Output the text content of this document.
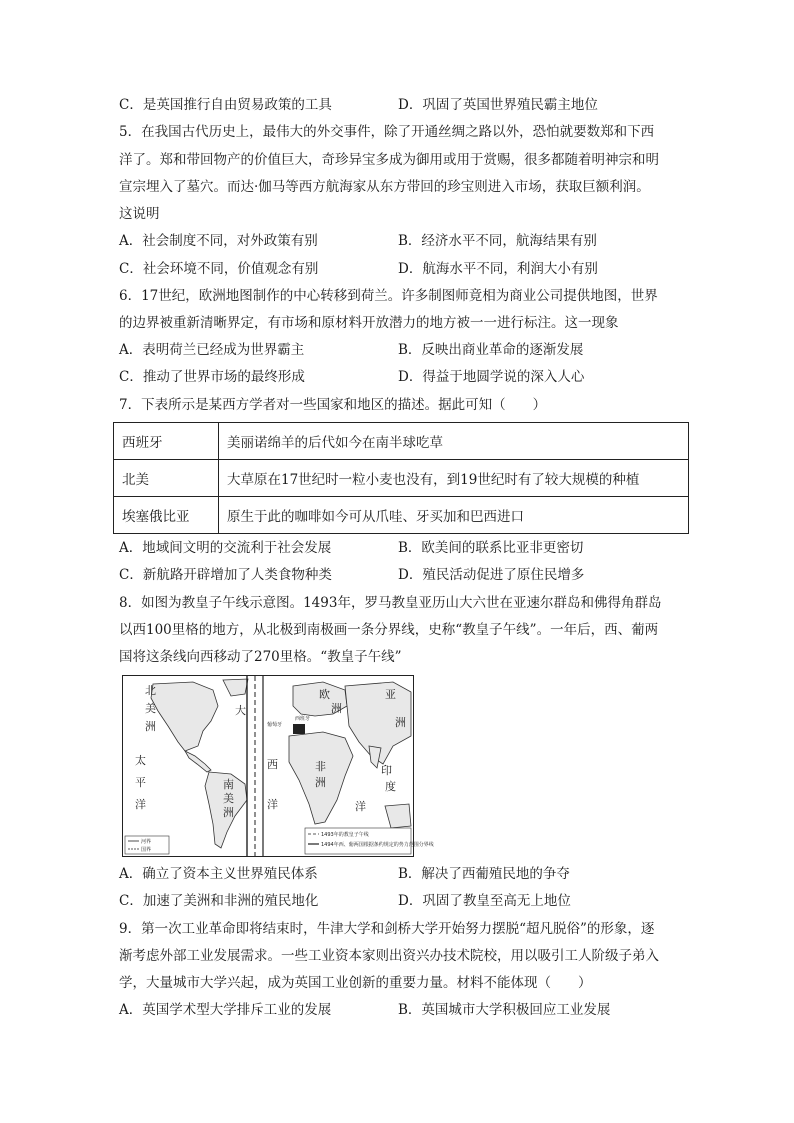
C．是英国推行自由贸易政策的工具	D．巩固了英国世界殖民霸主地位
5．在我国古代历史上，最伟大的外交事件，除了开通丝绸之路以外，恐怕就要数郑和下西
洋了。郑和带回物产的价值巨大，奇珍异宝多成为御用或用于赏赐，很多都随着明神宗和明
宣宗埋入了墓穴。而达·伽马等西方航海家从东方带回的珍宝则进入市场，获取巨额利润。
这说明
A．社会制度不同，对外政策有别	B．经济水平不同，航海结果有别
C．社会环境不同，价值观念有别	D．航海水平不同，利润大小有别
6．17世纪，欧洲地图制作的中心转移到荷兰。许多制图师竟相为商业公司提供地图，世界
的边界被重新清晰界定，有市场和原材料开放潜力的地方被一一进行标注。这一现象
A．表明荷兰已经成为世界霸主	B．反映出商业革命的逐渐发展
C．推动了世界市场的最终形成	D．得益于地圆学说的深入人心
7．下表所示是某西方学者对一些国家和地区的描述。据此可知（　　）
西班牙	美丽诺绵羊的后代如今在南半球吃草
北美	大草原在17世纪时一粒小麦也没有，到19世纪时有了较大规模的种植
埃塞俄比亚	原生于此的咖啡如今可从爪哇、牙买加和巴西进口
A．地域间文明的交流利于社会发展	B．欧美间的联系比亚非更密切
C．新航路开辟增加了人类食物种类	D．殖民活动促进了原住民增多
8．如图为教皇子午线示意图。1493年，罗马教皇亚历山大六世在亚速尔群岛和佛得角群岛
以西100里格的地方，从北极到南极画一条分界线，史称“教皇子午线”。一年后，西、葡两
国将这条线向西移动了270里格。“教皇子午线”
北
美
洲
太
平
洋
大
西
南
美
洲
洋
欧
洲
亚
洲
非
洲
印
度
洋
葡萄牙
西班牙
河界
国界
1493年的教皇子午线
1494年西、葡两国根据条约规定的势力范围分界线
A．确立了资本主义世界殖民体系	B．解决了西葡殖民地的争夺
C．加速了美洲和非洲的殖民地化	D．巩固了教皇至高无上地位
9．第一次工业革命即将结束时，牛津大学和剑桥大学开始努力摆脱“超凡脱俗”的形象，逐
渐考虑外部工业发展需求。一些工业资本家则出资兴办技术院校，用以吸引工人阶级子弟入
学，大量城市大学兴起，成为英国工业创新的重要力量。材料不能体现（　　）
A．英国学术型大学排斥工业的发展	B．英国城市大学积极回应工业发展
